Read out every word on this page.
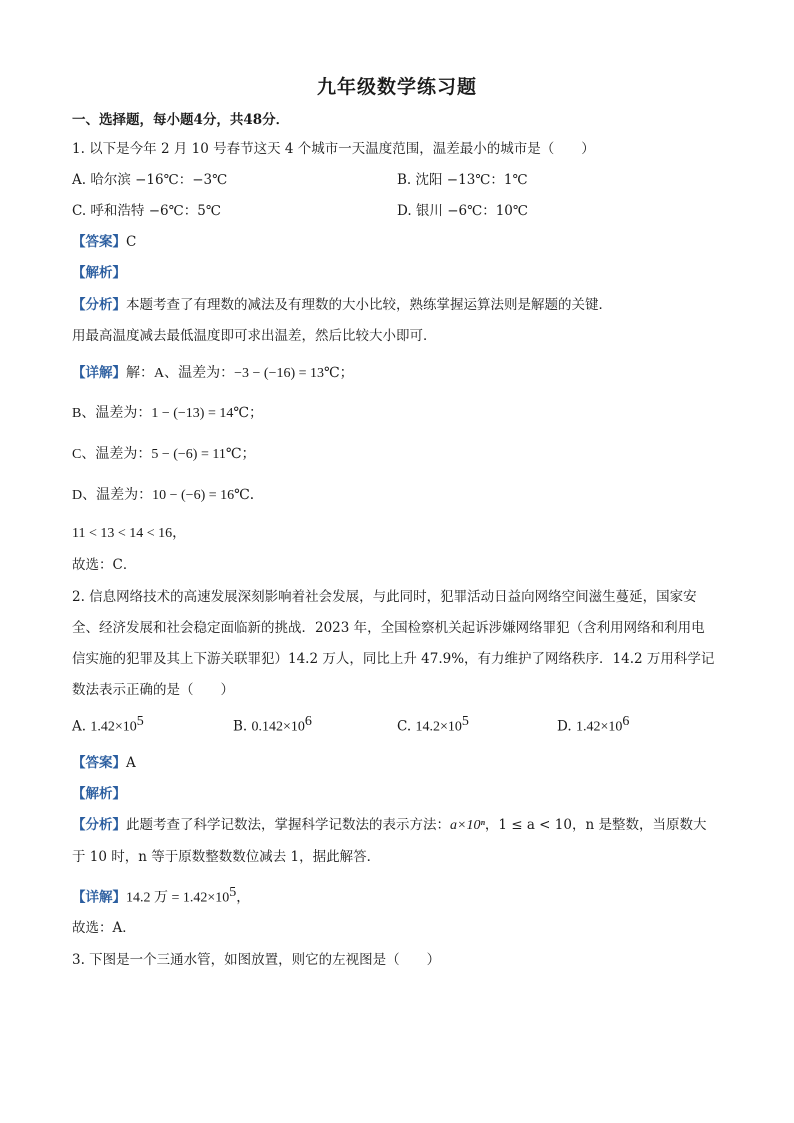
九年级数学练习题
一、选择题，每小题4分，共48分．
1. 以下是今年 2 月 10 号春节这天 4 个城市一天温度范围，温差最小的城市是（　　）
A. 哈尔滨 −16℃：−3℃	B. 沈阳 −13℃：1℃
C. 呼和浩特 −6℃：5℃	D. 银川 −6℃：10℃
【答案】C
【解析】
【分析】本题考查了有理数的减法及有理数的大小比较，熟练掌握运算法则是解题的关键．
用最高温度减去最低温度即可求出温差，然后比较大小即可．
【详解】解：A、温差为：−3 − (−16) = 13℃；
B、温差为：1 − (−13) = 14℃；
C、温差为：5 − (−6) = 11℃；
D、温差为：10 − (−6) = 16℃．
11 < 13 < 14 < 16，
故选：C．
2. 信息网络技术的高速发展深刻影响着社会发展，与此同时，犯罪活动日益向网络空间滋生蔓延，国家安
全、经济发展和社会稳定面临新的挑战．2023 年，全国检察机关起诉涉嫌网络罪犯（含利用网络和利用电
信实施的犯罪及其上下游关联罪犯）14.2 万人，同比上升 47.9%，有力维护了网络秩序．14.2 万用科学记
数法表示正确的是（　　）
A. $1.42\times 10^5$	B. $0.142\times 10^6$	C. $14.2\times 10^5$	D. $1.42\times 10^6$
【答案】A
【解析】
【分析】此题考查了科学记数法，掌握科学记数法的表示方法：a×10ⁿ，1 ≤ a < 10，n 是整数，当原数大
于 10 时，n 等于原数整数数位减去 1，据此解答．
【详解】14.2 万 = $1.42\times 10^5$，
故选：A．
3. 下图是一个三通水管，如图放置，则它的左视图是（　　）
